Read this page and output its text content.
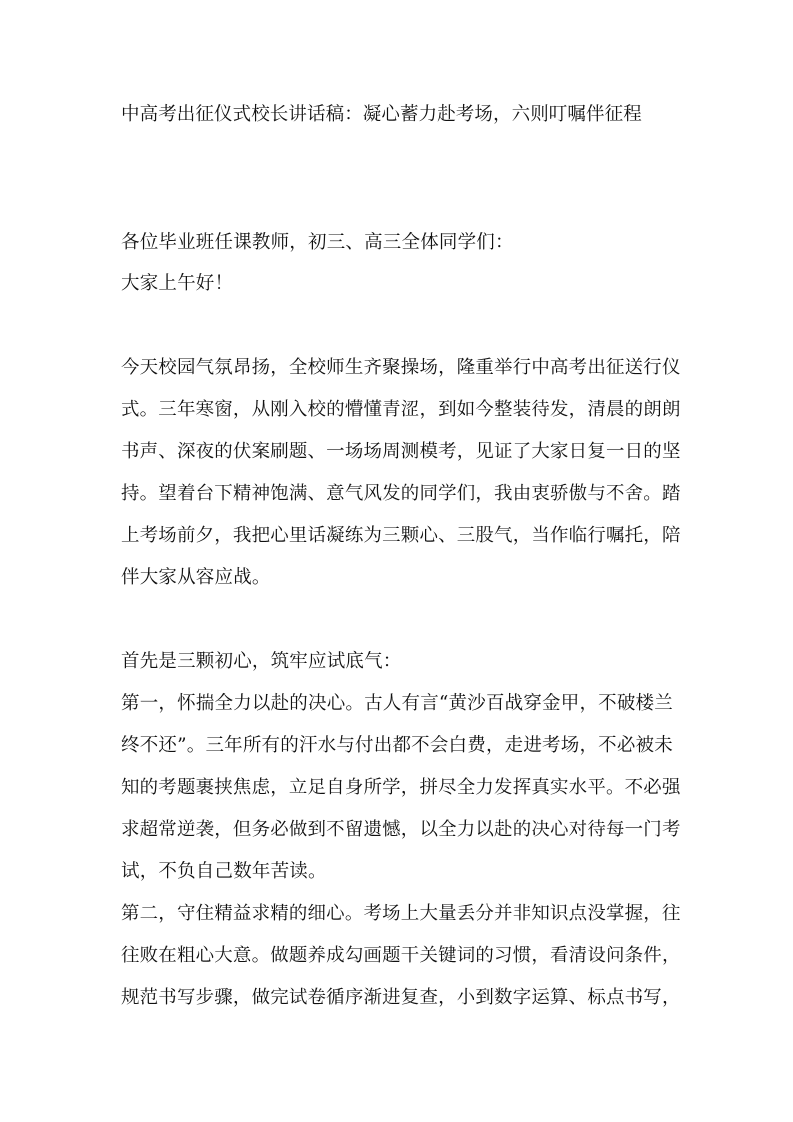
中高考出征仪式校长讲话稿：凝心蓄力赴考场，六则叮嘱伴征程
各位毕业班任课教师，初三、高三全体同学们：
大家上午好！
今天校园气氛昂扬，全校师生齐聚操场，隆重举行中高考出征送行仪
式。三年寒窗，从刚入校的懵懂青涩，到如今整装待发，清晨的朗朗
书声、深夜的伏案刷题、一场场周测模考，见证了大家日复一日的坚
持。望着台下精神饱满、意气风发的同学们，我由衷骄傲与不舍。踏
上考场前夕，我把心里话凝练为三颗心、三股气，当作临行嘱托，陪
伴大家从容应战。
首先是三颗初心，筑牢应试底气：
第一，怀揣全力以赴的决心。古人有言“黄沙百战穿金甲，不破楼兰
终不还”。三年所有的汗水与付出都不会白费，走进考场，不必被未
知的考题裹挟焦虑，立足自身所学，拼尽全力发挥真实水平。不必强
求超常逆袭，但务必做到不留遗憾，以全力以赴的决心对待每一门考
试，不负自己数年苦读。
第二，守住精益求精的细心。考场上大量丢分并非知识点没掌握，往
往败在粗心大意。做题养成勾画题干关键词的习惯，看清设问条件，
规范书写步骤，做完试卷循序渐进复查，小到数字运算、标点书写，
